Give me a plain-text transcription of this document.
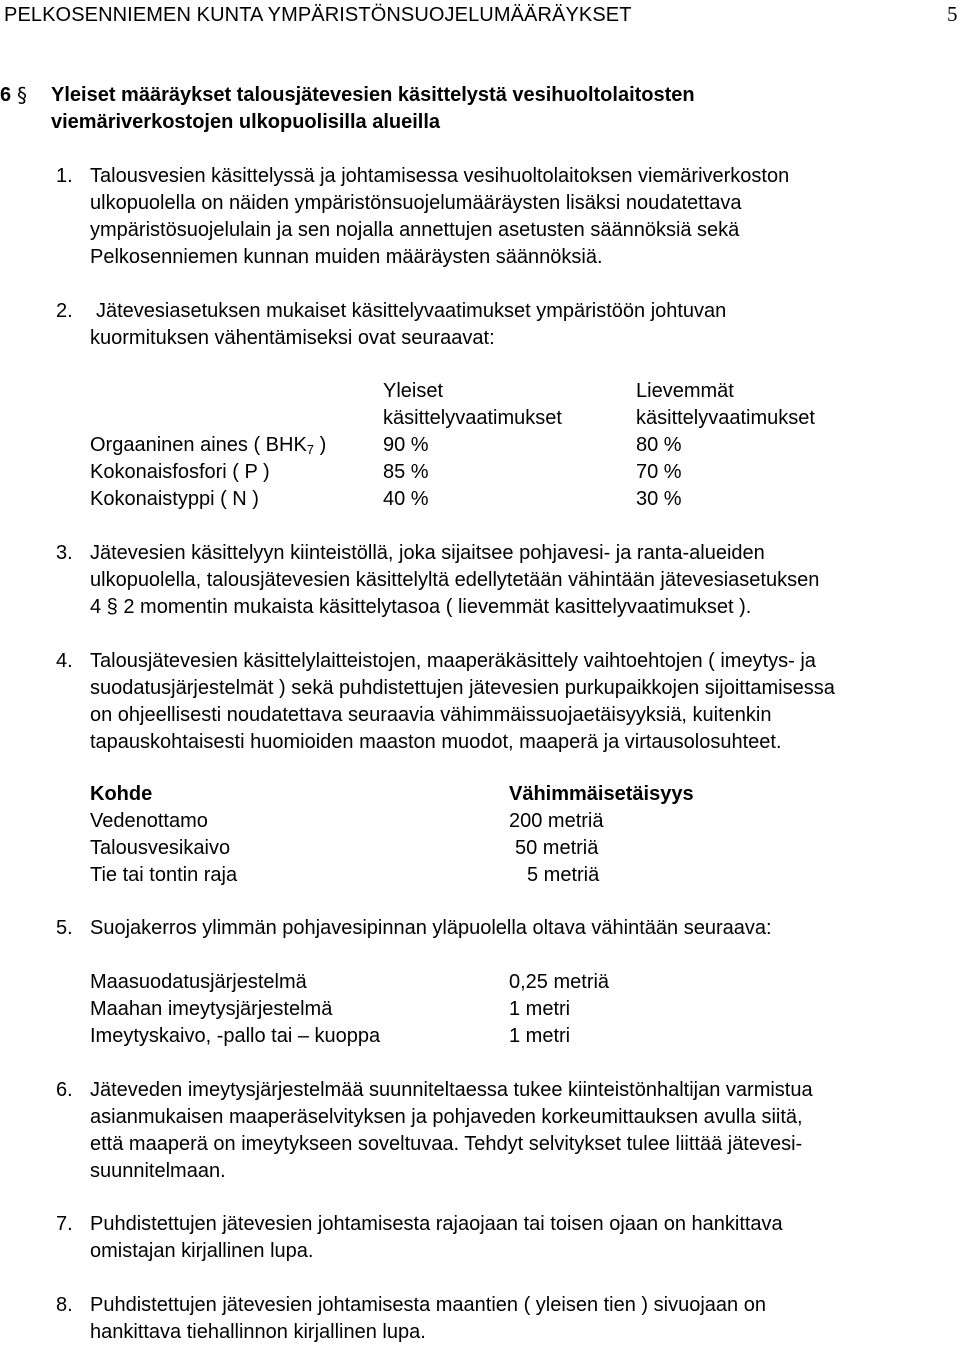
PELKOSENNIEMEN KUNTA YMPÄRISTÖNSUOJELUMÄÄRÄYKSET	5
6 § Yleiset määräykset talousjätevesien käsittelystä vesihuoltolaitosten
viemäriverkostojen ulkopuolisilla alueilla
1. Talousvesien käsittelyssä ja johtamisessa vesihuoltolaitoksen viemäriverkoston
ulkopuolella on näiden ympäristönsuojelumääräysten lisäksi noudatettava
ympäristösuojelulain ja sen nojalla annettujen asetusten säännöksiä sekä
Pelkosenniemen kunnan muiden määräysten säännöksiä.
2. Jätevesiasetuksen mukaiset käsittelyvaatimukset ympäristöön johtuvan
kuormituksen vähentämiseksi ovat seuraavat:
Yleiset	Lievemmät
käsittelyvaatimukset	käsittelyvaatimukset
Orgaaninen aines ( $BHK_7$ )	90 %	80 %
Kokonaisfosfori ( P )	85 %	70 %
Kokonaistyppi ( N )	40 %	30 %
3. Jätevesien käsittelyyn kiinteistöllä, joka sijaitsee pohjavesi- ja ranta-alueiden
ulkopuolella, talousjätevesien käsittelyltä edellytetään vähintään jätevesiasetuksen
4 § 2 momentin mukaista käsittelytasoa ( lievemmät kasittelyvaatimukset ).
4. Talousjätevesien käsittelylaitteistojen, maaperäkäsittely vaihtoehtojen ( imeytys- ja
suodatusjärjestelmät ) sekä puhdistettujen jätevesien purkupaikkojen sijoittamisessa
on ohjeellisesti noudatettava seuraavia vähimmäissuojaetäisyyksiä, kuitenkin
tapauskohtaisesti huomioiden maaston muodot, maaperä ja virtausolosuhteet.
Kohde	Vähimmäisetäisyys
Vedenottamo	200 metriä
Talousvesikaivo	50 metriä
Tie tai tontin raja	5 metriä
5. Suojakerros ylimmän pohjavesipinnan yläpuolella oltava vähintään seuraava:
Maasuodatusjärjestelmä	0,25 metriä
Maahan imeytysjärjestelmä	1 metri
Imeytyskaivo, -pallo tai – kuoppa	1 metri
6. Jäteveden imeytysjärjestelmää suunniteltaessa tukee kiinteistönhaltijan varmistua
asianmukaisen maaperäselvityksen ja pohjaveden korkeumittauksen avulla siitä,
että maaperä on imeytykseen soveltuvaa. Tehdyt selvitykset tulee liittää jätevesi-
suunnitelmaan.
7. Puhdistettujen jätevesien johtamisesta rajaojaan tai toisen ojaan on hankittava
omistajan kirjallinen lupa.
8. Puhdistettujen jätevesien johtamisesta maantien ( yleisen tien ) sivuojaan on
hankittava tiehallinnon kirjallinen lupa.
